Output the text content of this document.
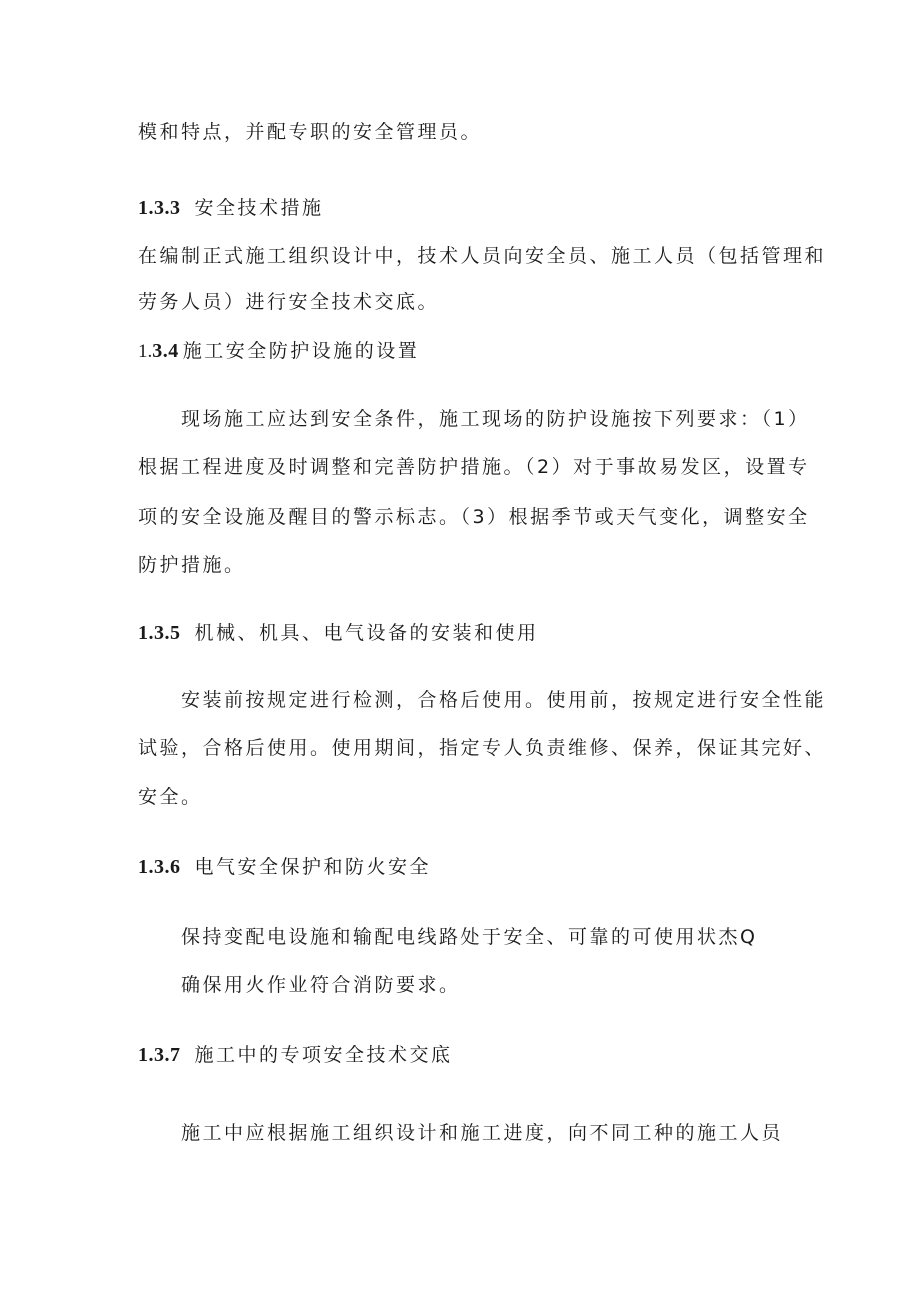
模和特点，并配专职的安全管理员。

1.3.3 安全技术措施

在编制正式施工组织设计中，技术人员向安全员、施工人员（包括管理和

劳务人员）进行安全技术交底。

1.3.4 施工安全防护设施的设置

现场施工应达到安全条件，施工现场的防护设施按下列要求：（1）

根据工程进度及时调整和完善防护措施。（2）对于事故易发区，设置专

项的安全设施及醒目的警示标志。（3）根据季节或天气变化，调整安全

防护措施。

1.3.5 机械、机具、电气设备的安装和使用

安装前按规定进行检测，合格后使用。使用前，按规定进行安全性能

试验，合格后使用。使用期间，指定专人负责维修、保养，保证其完好、

安全。

1.3.6 电气安全保护和防火安全

保持变配电设施和输配电线路处于安全、可靠的可使用状杰Q

确保用火作业符合消防要求。

1.3.7 施工中的专项安全技术交底

施工中应根据施工组织设计和施工进度，向不同工种的施工人员
